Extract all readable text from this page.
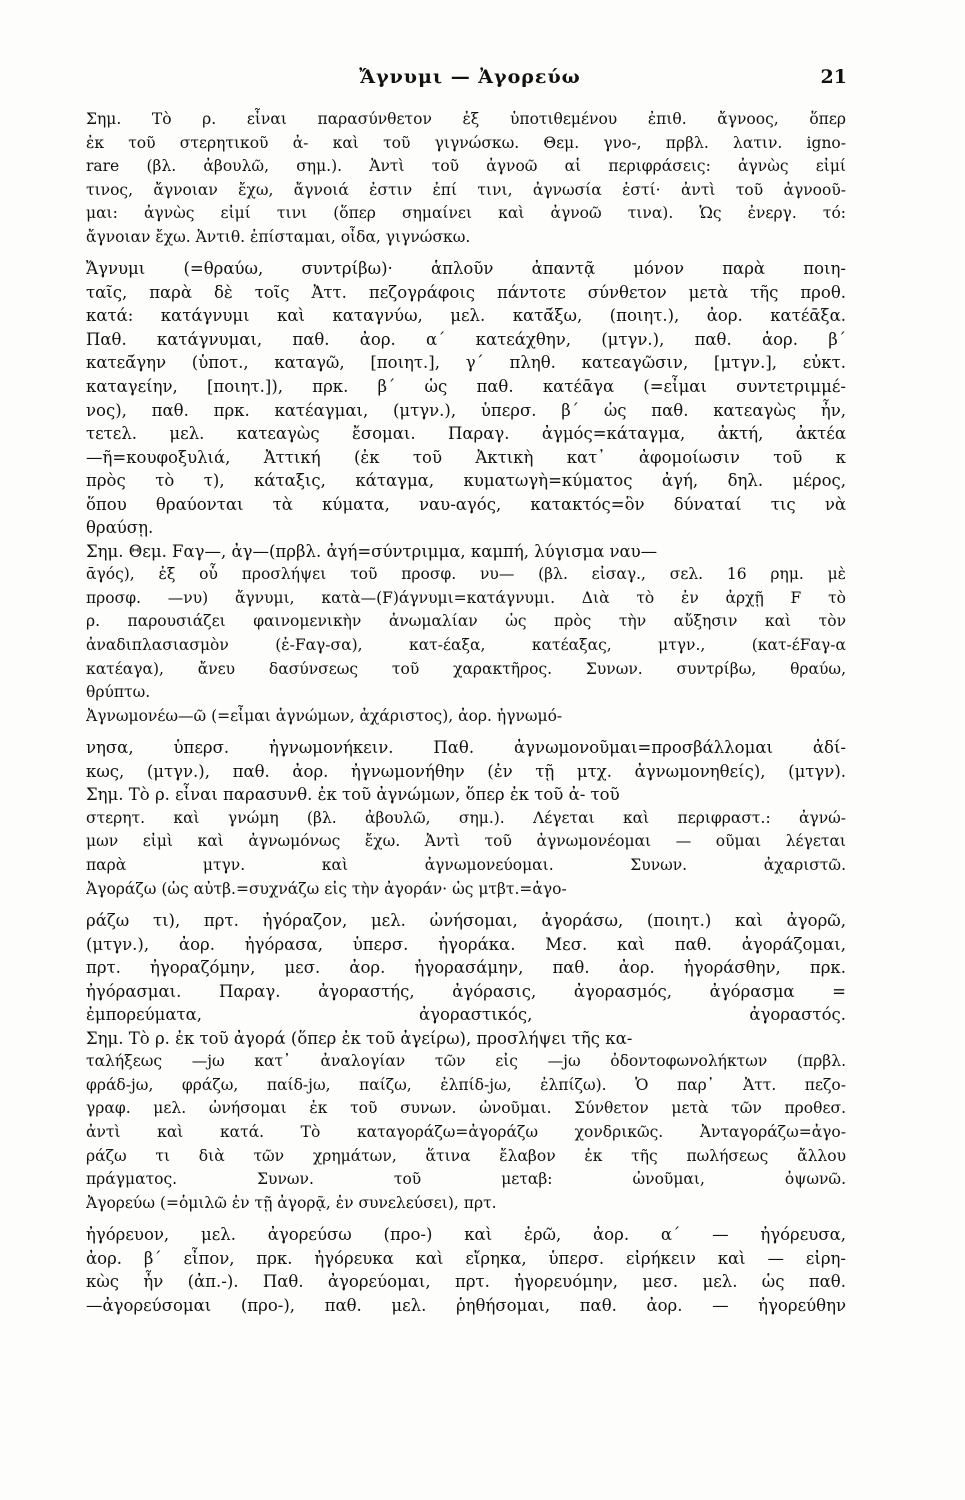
Ἄγνυμι — Ἀγορεύω	21
Σημ. Τὸ ρ. εἶναι παρασύνθετον ἐξ ὑποτιθεμένου ἐπιθ. ἄγνοος, ὅπερ
ἐκ τοῦ στερητικοῦ ἀ- καὶ τοῦ γιγνώσκω. Θεμ. γνο-, πρβλ. λατιν. igno-
rare (βλ. ἀβουλῶ, σημ.). Ἀντὶ τοῦ ἀγνοῶ αἱ περιφράσεις: ἀγνὼς εἰμί
τινος, ἄγνοιαν ἔχω, ἄγνοιά ἐστιν ἐπί τινι, ἀγνωσία ἐστί· ἀντὶ τοῦ ἀγνοοῦ-
μαι: ἀγνὼς εἰμί τινι (ὅπερ σημαίνει καὶ ἀγνοῶ τινα). Ὡς ἐνεργ. τό:
ἄγνοιαν ἔχω. Ἀντιθ. ἐπίσταμαι, οἶδα, γιγνώσκω.
Ἄγνυμι (=θραύω, συντρίβω)· ἁπλοῦν ἀπαντᾷ μόνον παρὰ ποιη-
ταῖς, παρὰ δὲ τοῖς Ἀττ. πεζογράφοις πάντοτε σύνθετον μετὰ τῆς προθ.
κατά: κατάγνυμι καὶ καταγνύω, μελ. κατᾱ́ξω, (ποιητ.), ἀορ. κατέᾱξα.
Παθ. κατάγνυμαι, παθ. ἀορ. α΄ κατεάχθην, (μτγν.), παθ. ἀορ. β΄
κατεᾱ́γην (ὑποτ., καταγῶ, [ποιητ.], γ΄ πληθ. κατεαγῶσιν, [μτγν.], εὐκτ.
καταγείην, [ποιητ.]), πρκ. β΄ ὡς παθ. κατέᾱγα (=εἶμαι συντετριμμέ-
νος), παθ. πρκ. κατέαγμαι, (μτγν.), ὑπερσ. β΄ ὡς παθ. κατεαγὼς ἦν,
τετελ. μελ. κατεαγὼς ἔσομαι. Παραγ. ἀγμός=κάταγμα, ἀκτή, ἀκτέα
—ῆ=κουφοξυλιά, Ἀττική (ἐκ τοῦ Ἀκτικὴ κατ᾽ ἀφομοίωσιν τοῦ κ
πρὸς τὸ τ), κάταξις, κάταγμα, κυματωγὴ=κύματος ἀγή, δηλ. μέρος,
ὅπου θραύονται τὰ κύματα, ναυ-αγός, κατακτός=ὃν δύναταί τις νὰ
θραύσῃ.
Σημ. Θεμ. Fαγ—, ἀγ—(πρβλ. ἀγή=σύντριμμα, καμπή, λύγισμα ναυ—
ᾱγός), ἐξ οὗ προσλήψει τοῦ προσφ. νυ— (βλ. εἰσαγ., σελ. 16 ρημ. μὲ
προσφ. —νυ) ἄγνυμι, κατὰ—(F)άγνυμι=κατάγνυμι. Διὰ τὸ ἐν ἀρχῇ F τὸ
ρ. παρουσιάζει φαινομενικὴν ἀνωμαλίαν ὡς πρὸς τὴν αὔξησιν καὶ τὸν
ἀναδιπλασιασμὸν (ἐ-Fαγ-σα), κατ-έαξα, κατέαξας, μτγν., (κατ-έFαγ-α
κατέαγα), ἄνευ δασύνσεως τοῦ χαρακτῆρος. Συνων. συντρίβω, θραύω,
θρύπτω.
Ἀγνωμονέω—ῶ (=εἶμαι ἀγνώμων, ἀχάριστος), ἀορ. ἠγνωμό-
νησα, ὑπερσ. ἠγνωμονήκειν. Παθ. ἀγνωμονοῦμαι=προσβάλλομαι ἀδί-
κως, (μτγν.), παθ. ἀορ. ἠγνωμονήθην (ἐν τῇ μτχ. ἀγνωμονηθείς), (μτγν).
Σημ. Τὸ ρ. εἶναι παρασυνθ. ἐκ τοῦ ἀγνώμων, ὅπερ ἐκ τοῦ ἀ- τοῦ
στερητ. καὶ γνώμη (βλ. ἀβουλῶ, σημ.). Λέγεται καὶ περιφραστ.: ἀγνώ-
μων εἰμὶ καὶ ἀγνωμόνως ἔχω. Ἀντὶ τοῦ ἀγνωμονέομαι — οῦμαι λέγεται
παρὰ μτγν. καὶ ἀγνωμονεύομαι. Συνων. ἀχαριστῶ.
Ἀγοράζω (ὡς αὐτβ.=συχνάζω εἰς τὴν ἀγοράν· ὡς μτβτ.=ἀγο-
ράζω τι), πρτ. ἠγόραζον, μελ. ὠνήσομαι, ἀγοράσω, (ποιητ.) καὶ ἀγορῶ,
(μτγν.), ἀορ. ἠγόρασα, ὑπερσ. ἠγοράκα. Μεσ. καὶ παθ. ἀγοράζομαι,
πρτ. ἠγοραζόμην, μεσ. ἀορ. ἠγορασάμην, παθ. ἀορ. ἠγοράσθην, πρκ.
ἠγόρασμαι. Παραγ. ἀγοραστής, ἀγόρασις, ἀγορασμός, ἀγόρασμα =
ἐμπορεύματα, ἀγοραστικός, ἀγοραστός.
Σημ. Τὸ ρ. ἐκ τοῦ ἀγορά (ὅπερ ἐκ τοῦ ἀγείρω), προσλήψει τῆς κα-
ταλήξεως —jω κατ᾽ ἀναλογίαν τῶν εἰς —jω ὀδοντοφωνολήκτων (πρβλ.
φράδ-jω, φράζω, παίδ-jω, παίζω, ἐλπίδ-jω, ἐλπίζω). Ὁ παρ᾽ Ἀττ. πεζο-
γραφ. μελ. ὠνήσομαι ἐκ τοῦ συνων. ὠνοῦμαι. Σύνθετον μετὰ τῶν προθεσ.
ἀντὶ καὶ κατά. Τὸ καταγοράζω=ἀγοράζω χονδρικῶς. Ἀνταγοράζω=ἀγο-
ράζω τι διὰ τῶν χρημάτων, ἅτινα ἔλαβον ἐκ τῆς πωλήσεως ἄλλου
πράγματος. Συνων. τοῦ μεταβ: ὠνοῦμαι, ὀψωνῶ.
Ἀγορεύω (=ὁμιλῶ ἐν τῇ ἀγορᾷ, ἐν συνελεύσει), πρτ.
ἠγόρευον, μελ. ἀγορεύσω (προ-) καὶ ἐρῶ, ἀορ. α΄ — ἠγόρευσα,
ἀορ. β΄ εἶπον, πρκ. ἠγόρευκα καὶ εἴρηκα, ὑπερσ. εἰρήκειν καὶ — εἰρη-
κὼς ἦν (ἀπ.-). Παθ. ἀγορεύομαι, πρτ. ἠγορευόμην, μεσ. μελ. ὡς παθ.
—ἀγορεύσομαι (προ-), παθ. μελ. ῥηθήσομαι, παθ. ἀορ. — ἠγορεύθην
